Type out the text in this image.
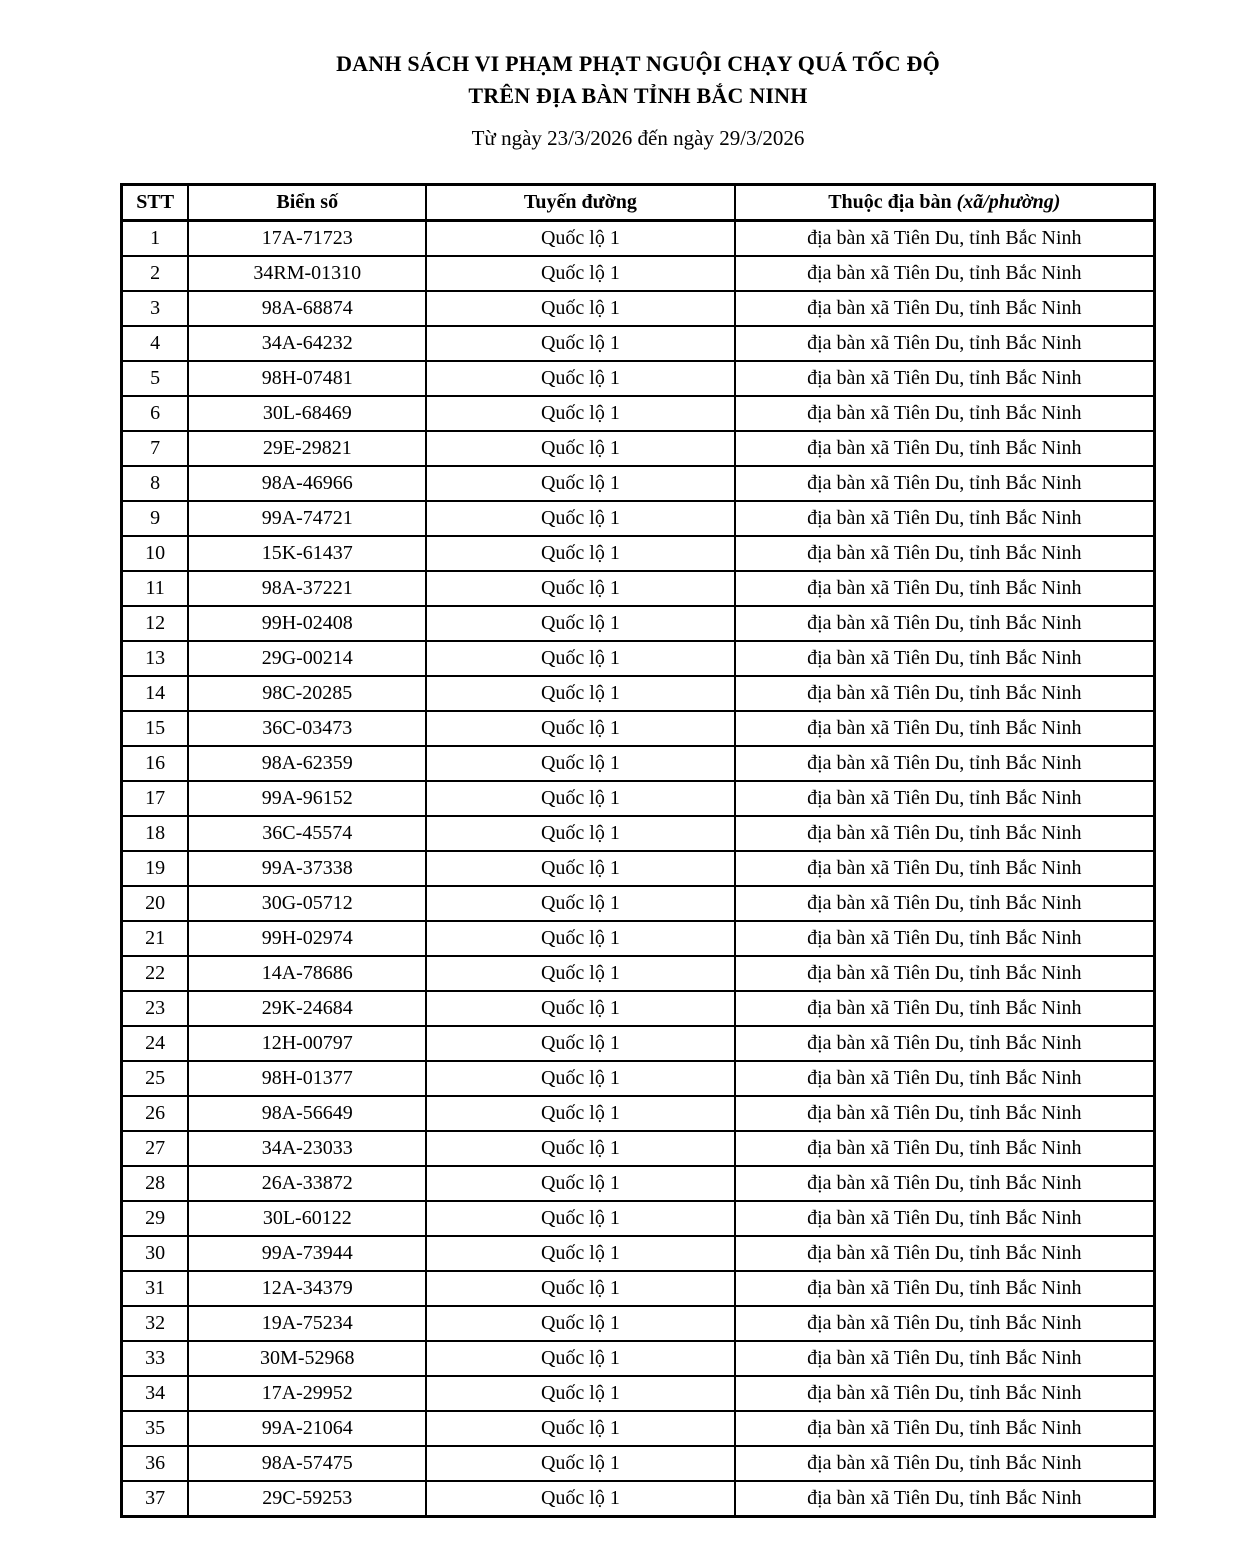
DANH SÁCH VI PHẠM PHẠT NGUỘI CHẠY QUÁ TỐC ĐỘ
TRÊN ĐỊA BÀN TỈNH BẮC NINH
Từ ngày 23/3/2026 đến ngày 29/3/2026
STT	Biển số	Tuyến đường	Thuộc địa bàn (xã/phường)
1	17A-71723	Quốc lộ 1	địa bàn xã Tiên Du, tỉnh Bắc Ninh
2	34RM-01310	Quốc lộ 1	địa bàn xã Tiên Du, tỉnh Bắc Ninh
3	98A-68874	Quốc lộ 1	địa bàn xã Tiên Du, tỉnh Bắc Ninh
4	34A-64232	Quốc lộ 1	địa bàn xã Tiên Du, tỉnh Bắc Ninh
5	98H-07481	Quốc lộ 1	địa bàn xã Tiên Du, tỉnh Bắc Ninh
6	30L-68469	Quốc lộ 1	địa bàn xã Tiên Du, tỉnh Bắc Ninh
7	29E-29821	Quốc lộ 1	địa bàn xã Tiên Du, tỉnh Bắc Ninh
8	98A-46966	Quốc lộ 1	địa bàn xã Tiên Du, tỉnh Bắc Ninh
9	99A-74721	Quốc lộ 1	địa bàn xã Tiên Du, tỉnh Bắc Ninh
10	15K-61437	Quốc lộ 1	địa bàn xã Tiên Du, tỉnh Bắc Ninh
11	98A-37221	Quốc lộ 1	địa bàn xã Tiên Du, tỉnh Bắc Ninh
12	99H-02408	Quốc lộ 1	địa bàn xã Tiên Du, tỉnh Bắc Ninh
13	29G-00214	Quốc lộ 1	địa bàn xã Tiên Du, tỉnh Bắc Ninh
14	98C-20285	Quốc lộ 1	địa bàn xã Tiên Du, tỉnh Bắc Ninh
15	36C-03473	Quốc lộ 1	địa bàn xã Tiên Du, tỉnh Bắc Ninh
16	98A-62359	Quốc lộ 1	địa bàn xã Tiên Du, tỉnh Bắc Ninh
17	99A-96152	Quốc lộ 1	địa bàn xã Tiên Du, tỉnh Bắc Ninh
18	36C-45574	Quốc lộ 1	địa bàn xã Tiên Du, tỉnh Bắc Ninh
19	99A-37338	Quốc lộ 1	địa bàn xã Tiên Du, tỉnh Bắc Ninh
20	30G-05712	Quốc lộ 1	địa bàn xã Tiên Du, tỉnh Bắc Ninh
21	99H-02974	Quốc lộ 1	địa bàn xã Tiên Du, tỉnh Bắc Ninh
22	14A-78686	Quốc lộ 1	địa bàn xã Tiên Du, tỉnh Bắc Ninh
23	29K-24684	Quốc lộ 1	địa bàn xã Tiên Du, tỉnh Bắc Ninh
24	12H-00797	Quốc lộ 1	địa bàn xã Tiên Du, tỉnh Bắc Ninh
25	98H-01377	Quốc lộ 1	địa bàn xã Tiên Du, tỉnh Bắc Ninh
26	98A-56649	Quốc lộ 1	địa bàn xã Tiên Du, tỉnh Bắc Ninh
27	34A-23033	Quốc lộ 1	địa bàn xã Tiên Du, tỉnh Bắc Ninh
28	26A-33872	Quốc lộ 1	địa bàn xã Tiên Du, tỉnh Bắc Ninh
29	30L-60122	Quốc lộ 1	địa bàn xã Tiên Du, tỉnh Bắc Ninh
30	99A-73944	Quốc lộ 1	địa bàn xã Tiên Du, tỉnh Bắc Ninh
31	12A-34379	Quốc lộ 1	địa bàn xã Tiên Du, tỉnh Bắc Ninh
32	19A-75234	Quốc lộ 1	địa bàn xã Tiên Du, tỉnh Bắc Ninh
33	30M-52968	Quốc lộ 1	địa bàn xã Tiên Du, tỉnh Bắc Ninh
34	17A-29952	Quốc lộ 1	địa bàn xã Tiên Du, tỉnh Bắc Ninh
35	99A-21064	Quốc lộ 1	địa bàn xã Tiên Du, tỉnh Bắc Ninh
36	98A-57475	Quốc lộ 1	địa bàn xã Tiên Du, tỉnh Bắc Ninh
37	29C-59253	Quốc lộ 1	địa bàn xã Tiên Du, tỉnh Bắc Ninh
